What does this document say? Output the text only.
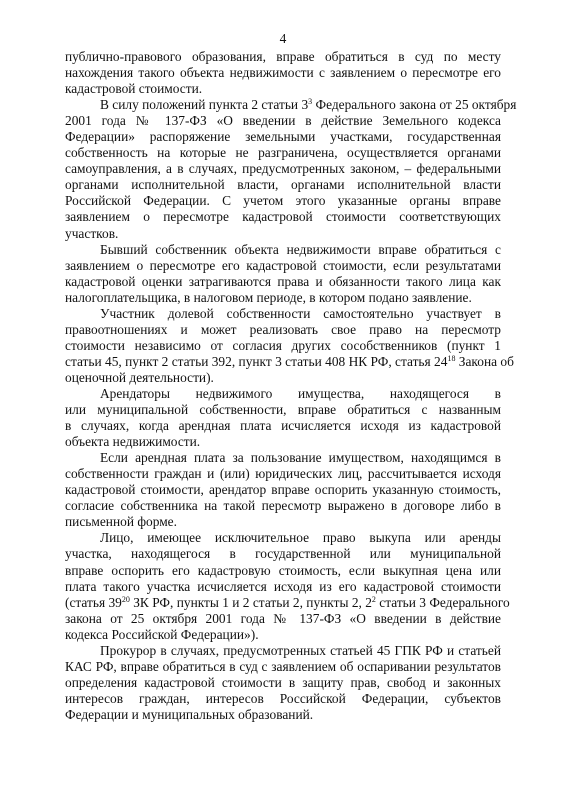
4
публично-правового образования, вправе обратиться в суд по месту
нахождения такого объекта недвижимости с заявлением о пересмотре его
кадастровой стоимости.
В силу положений пункта 2 статьи $3^3$ Федерального закона от 25 октября
2001 года № 137-ФЗ «О введении в действие Земельного кодекса
Федерации» распоряжение земельными участками, государственная
собственность на которые не разграничена, осуществляется органами
самоуправления, а в случаях, предусмотренных законом, – федеральными
органами исполнительной власти, органами исполнительной власти
Российской Федерации. С учетом этого указанные органы вправе
заявлением о пересмотре кадастровой стоимости соответствующих
участков.
Бывший собственник объекта недвижимости вправе обратиться с
заявлением о пересмотре его кадастровой стоимости, если результатами
кадастровой оценки затрагиваются права и обязанности такого лица как
налогоплательщика, в налоговом периоде, в котором подано заявление.
Участник долевой собственности самостоятельно участвует в
правоотношениях и может реализовать свое право на пересмотр
стоимости независимо от согласия других сособственников (пункт 1
статьи 45, пункт 2 статьи 392, пункт 3 статьи 408 НК РФ, статья $24^{18}$ Закона об
оценочной деятельности).
Арендаторы недвижимого имущества, находящегося в
или муниципальной собственности, вправе обратиться с названным
в случаях, когда арендная плата исчисляется исходя из кадастровой
объекта недвижимости.
Если арендная плата за пользование имуществом, находящимся в
собственности граждан и (или) юридических лиц, рассчитывается исходя
кадастровой стоимости, арендатор вправе оспорить указанную стоимость,
согласие собственника на такой пересмотр выражено в договоре либо в
письменной форме.
Лицо, имеющее исключительное право выкупа или аренды
участка, находящегося в государственной или муниципальной
вправе оспорить его кадастровую стоимость, если выкупная цена или
плата такого участка исчисляется исходя из его кадастровой стоимости
(статья $39^{20}$ ЗК РФ, пункты 1 и 2 статьи 2, пункты 2, $2^2$ статьи 3 Федерального
закона от 25 октября 2001 года № 137-ФЗ «О введении в действие
кодекса Российской Федерации»).
Прокурор в случаях, предусмотренных статьей 45 ГПК РФ и статьей
КАС РФ, вправе обратиться в суд с заявлением об оспаривании результатов
определения кадастровой стоимости в защиту прав, свобод и законных
интересов граждан, интересов Российской Федерации, субъектов
Федерации и муниципальных образований.
